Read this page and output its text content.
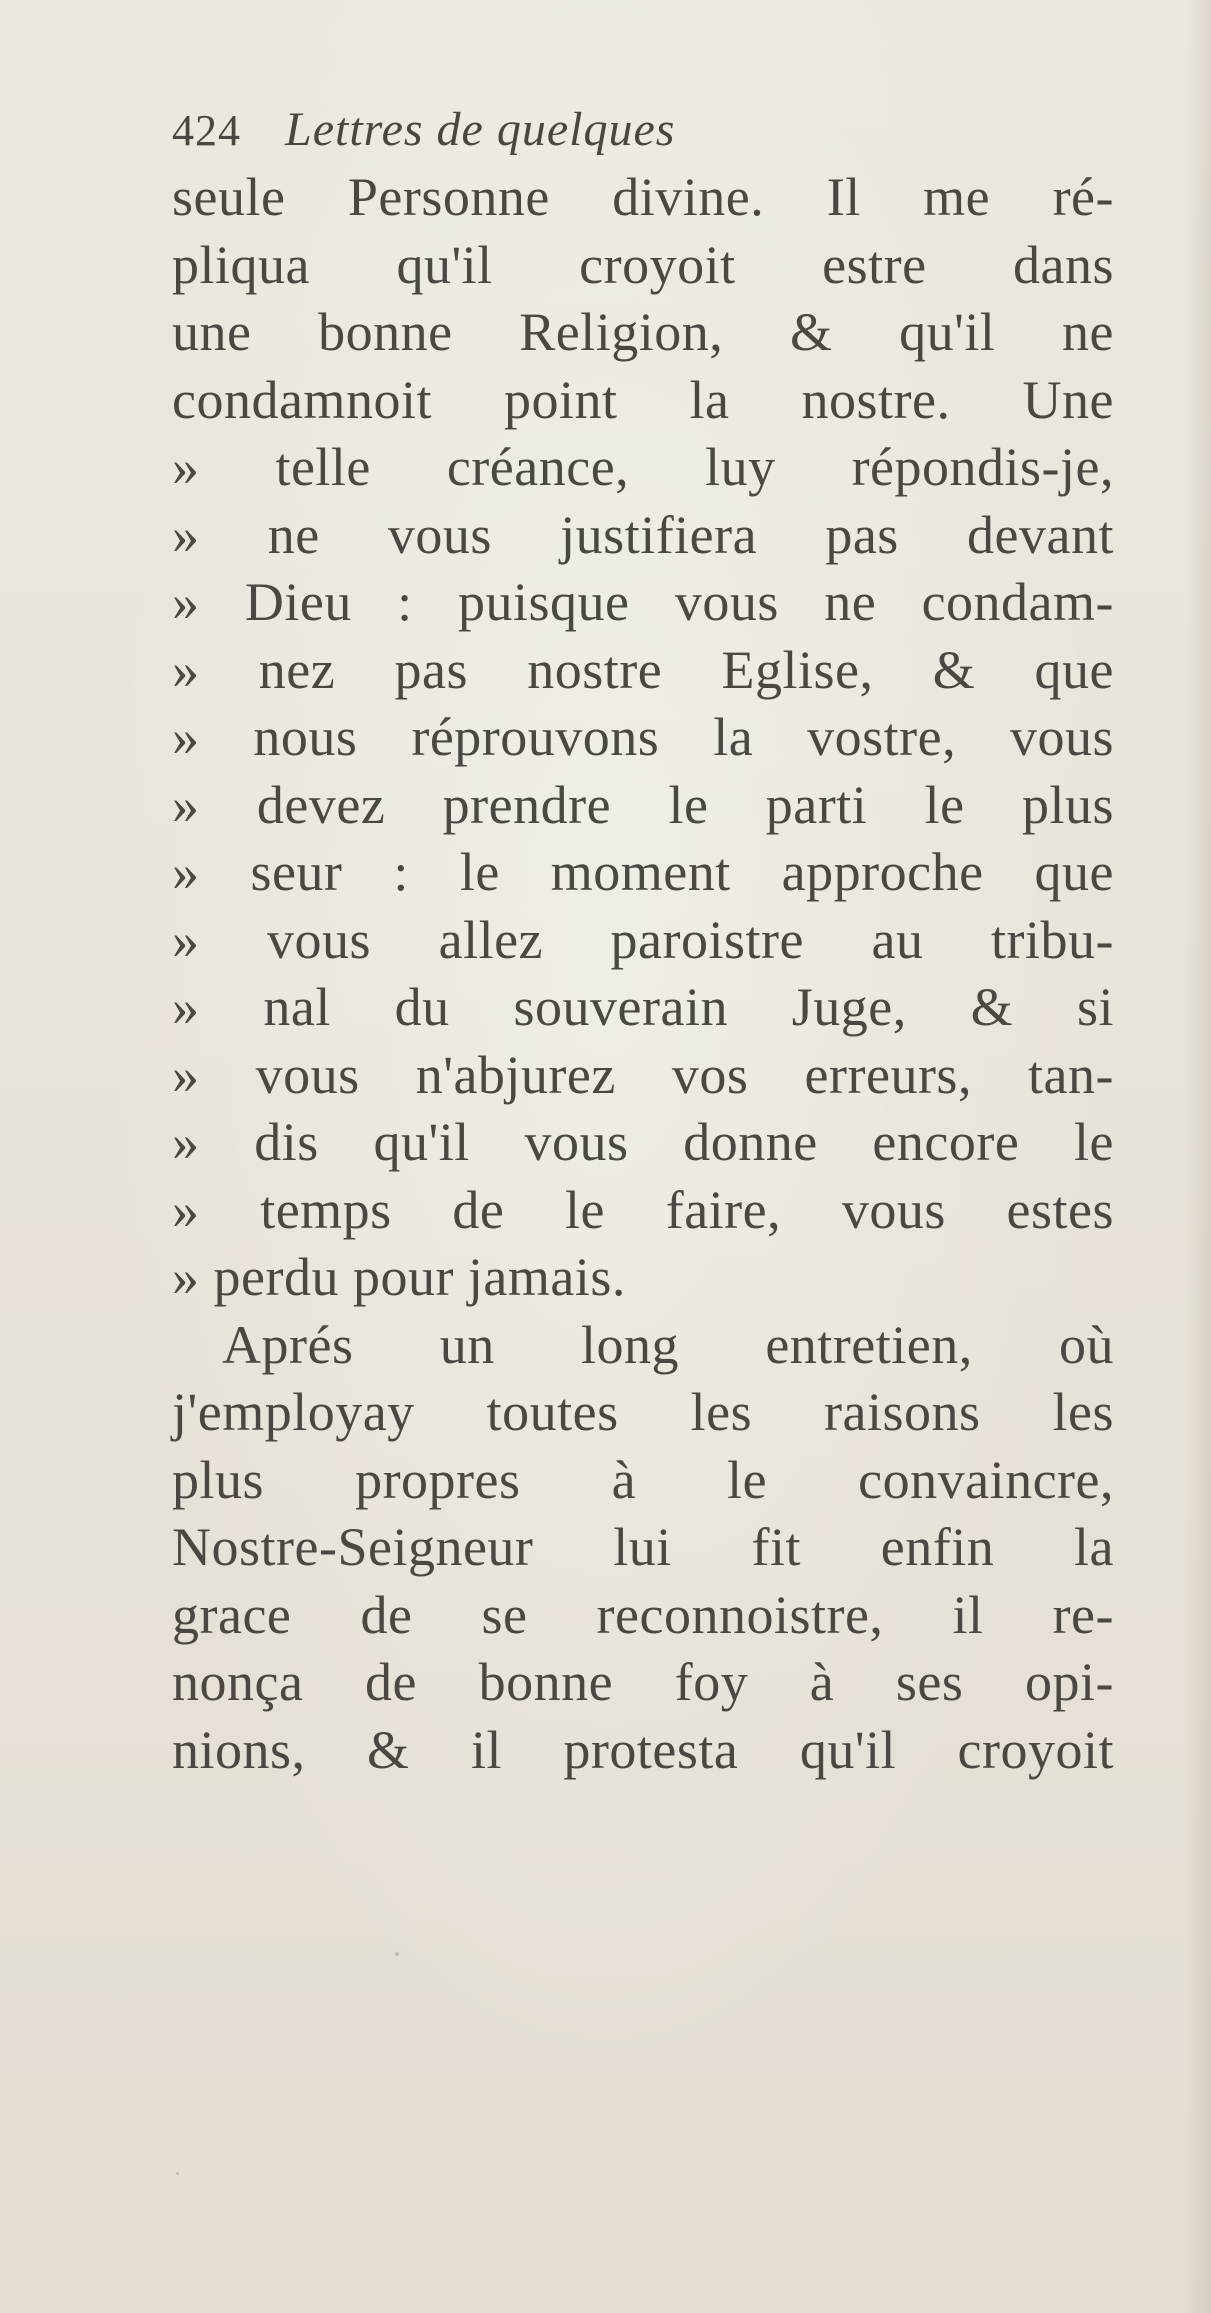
424 Lettres de quelques
seule Personne divine. Il me ré-
pliqua qu'il croyoit estre dans
une bonne Religion, & qu'il ne
condamnoit point la nostre. Une
» telle créance, luy répondis-je,
» ne vous justifiera pas devant
» Dieu : puisque vous ne condam-
» nez pas nostre Eglise, & que
» nous réprouvons la vostre, vous
» devez prendre le parti le plus
» seur : le moment approche que
» vous allez paroistre au tribu-
» nal du souverain Juge, & si
» vous n'abjurez vos erreurs, tan-
» dis qu'il vous donne encore le
» temps de le faire, vous estes
» perdu pour jamais.
Aprés un long entretien, où
j'employay toutes les raisons les
plus propres à le convaincre,
Nostre-Seigneur lui fit enfin la
grace de se reconnoistre, il re-
nonça de bonne foy à ses opi-
nions, & il protesta qu'il croyoit
